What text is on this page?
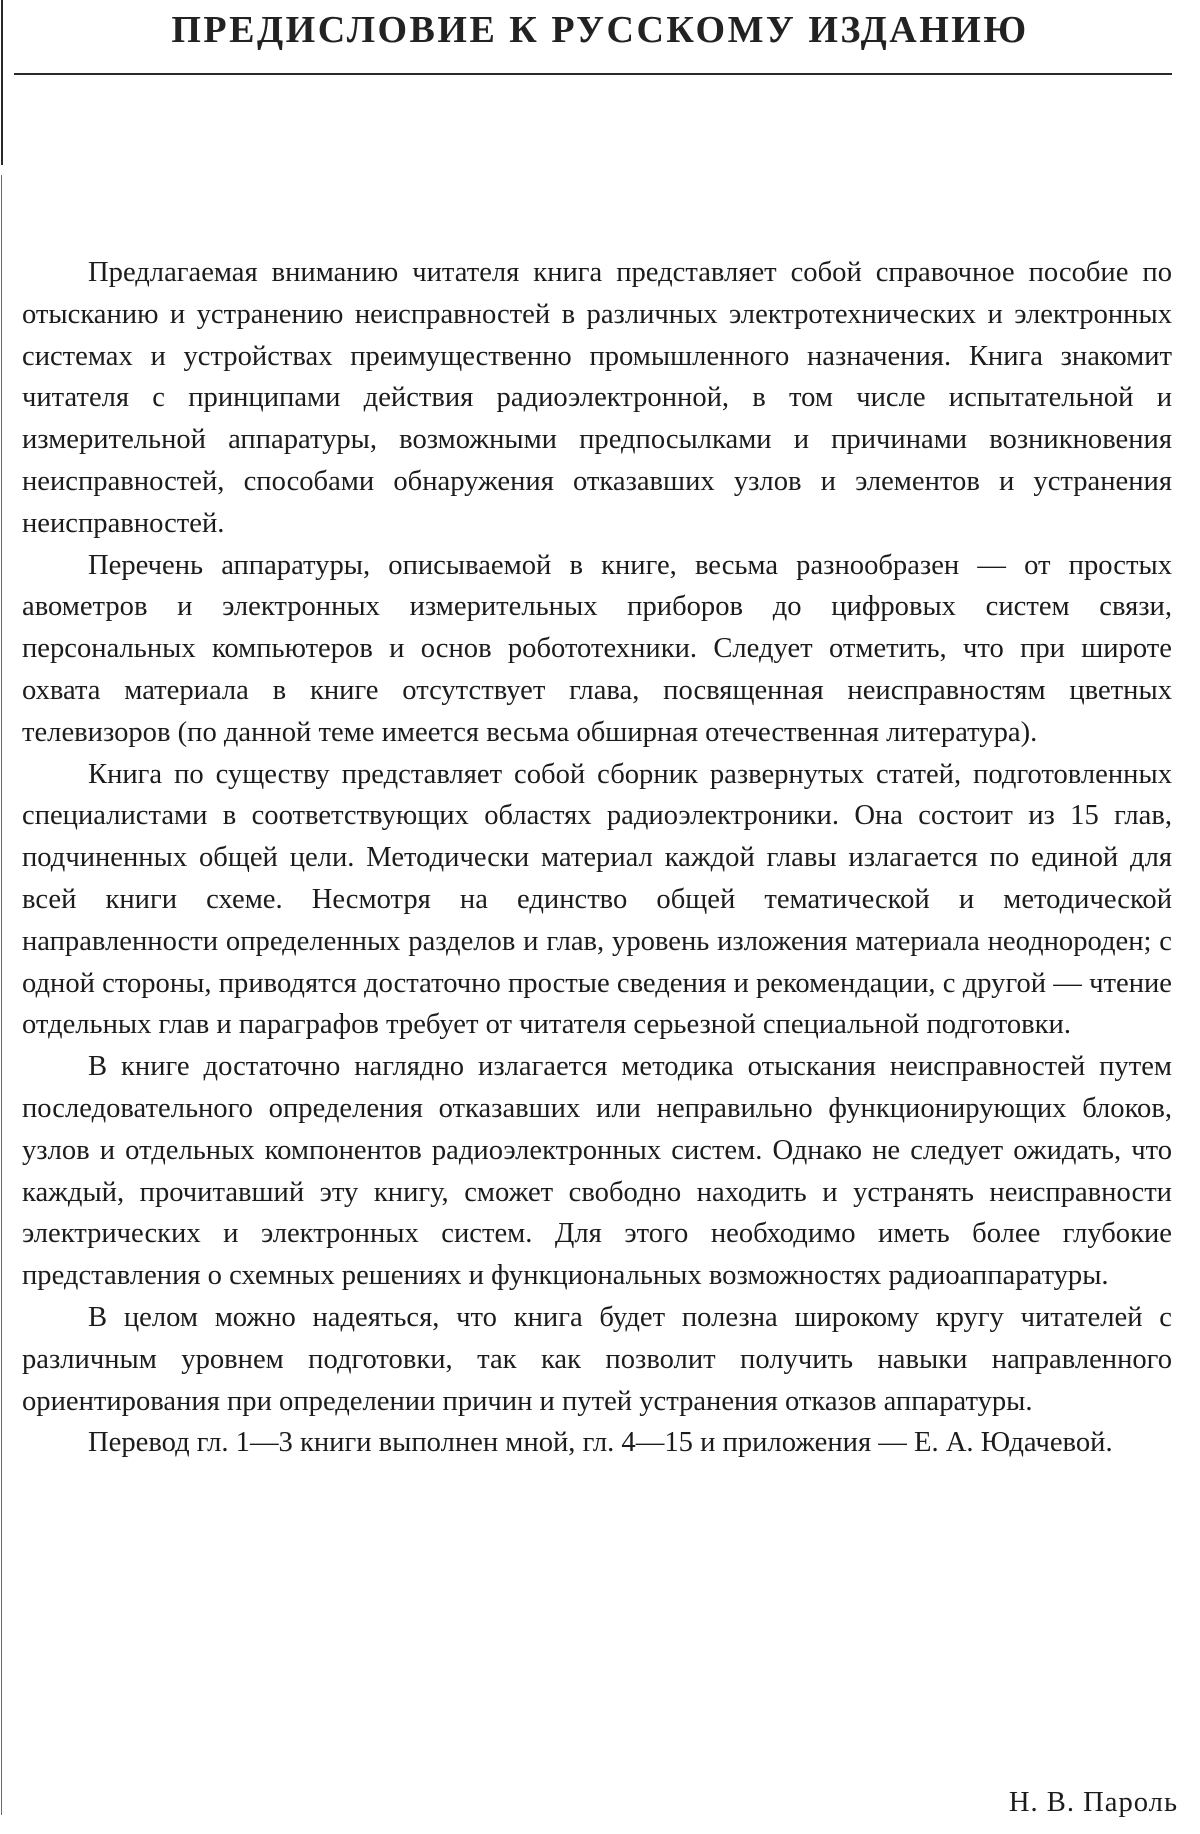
ПРЕДИСЛОВИЕ К РУССКОМУ ИЗДАНИЮ

Предлагаемая вниманию читателя книга представляет собой справочное пособие по отысканию и устранению неисправностей в различных электротехнических и электронных системах и устройствах преимущественно промышленного назначения. Книга знакомит читателя с принципами действия радиоэлектронной, в том числе испытательной и измерительной аппаратуры, возможными предпосылками и причинами возникновения неисправностей, способами обнаружения отказавших узлов и элементов и устранения неисправностей.

Перечень аппаратуры, описываемой в книге, весьма разнообразен — от простых авометров и электронных измерительных приборов до цифровых систем связи, персональных компьютеров и основ робототехники. Следует отметить, что при широте охвата материала в книге отсутствует глава, посвященная неисправностям цветных телевизоров (по данной теме имеется весьма обширная отечественная литература).

Книга по существу представляет собой сборник развернутых статей, подготовленных специалистами в соответствующих областях радиоэлектроники. Она состоит из 15 глав, подчиненных общей цели. Методически материал каждой главы излагается по единой для всей книги схеме. Несмотря на единство общей тематической и методической направленности определенных разделов и глав, уровень изложения материала неоднороден; с одной стороны, приводятся достаточно простые сведения и рекомендации, с другой — чтение отдельных глав и параграфов требует от читателя серьезной специальной подготовки.

В книге достаточно наглядно излагается методика отыскания неисправностей путем последовательного определения отказавших или неправильно функционирующих блоков, узлов и отдельных компонентов радиоэлектронных систем. Однако не следует ожидать, что каждый, прочитавший эту книгу, сможет свободно находить и устранять неисправности электрических и электронных систем. Для этого необходимо иметь более глубокие представления о схемных решениях и функциональных возможностях радиоаппаратуры.

В целом можно надеяться, что книга будет полезна широкому кругу читателей с различным уровнем подготовки, так как позволит получить навыки направленного ориентирования при определении причин и путей устранения отказов аппаратуры.

Перевод гл. 1—3 книги выполнен мной, гл. 4—15 и приложения — Е. А. Юдачевой.

Н. В. Пароль
